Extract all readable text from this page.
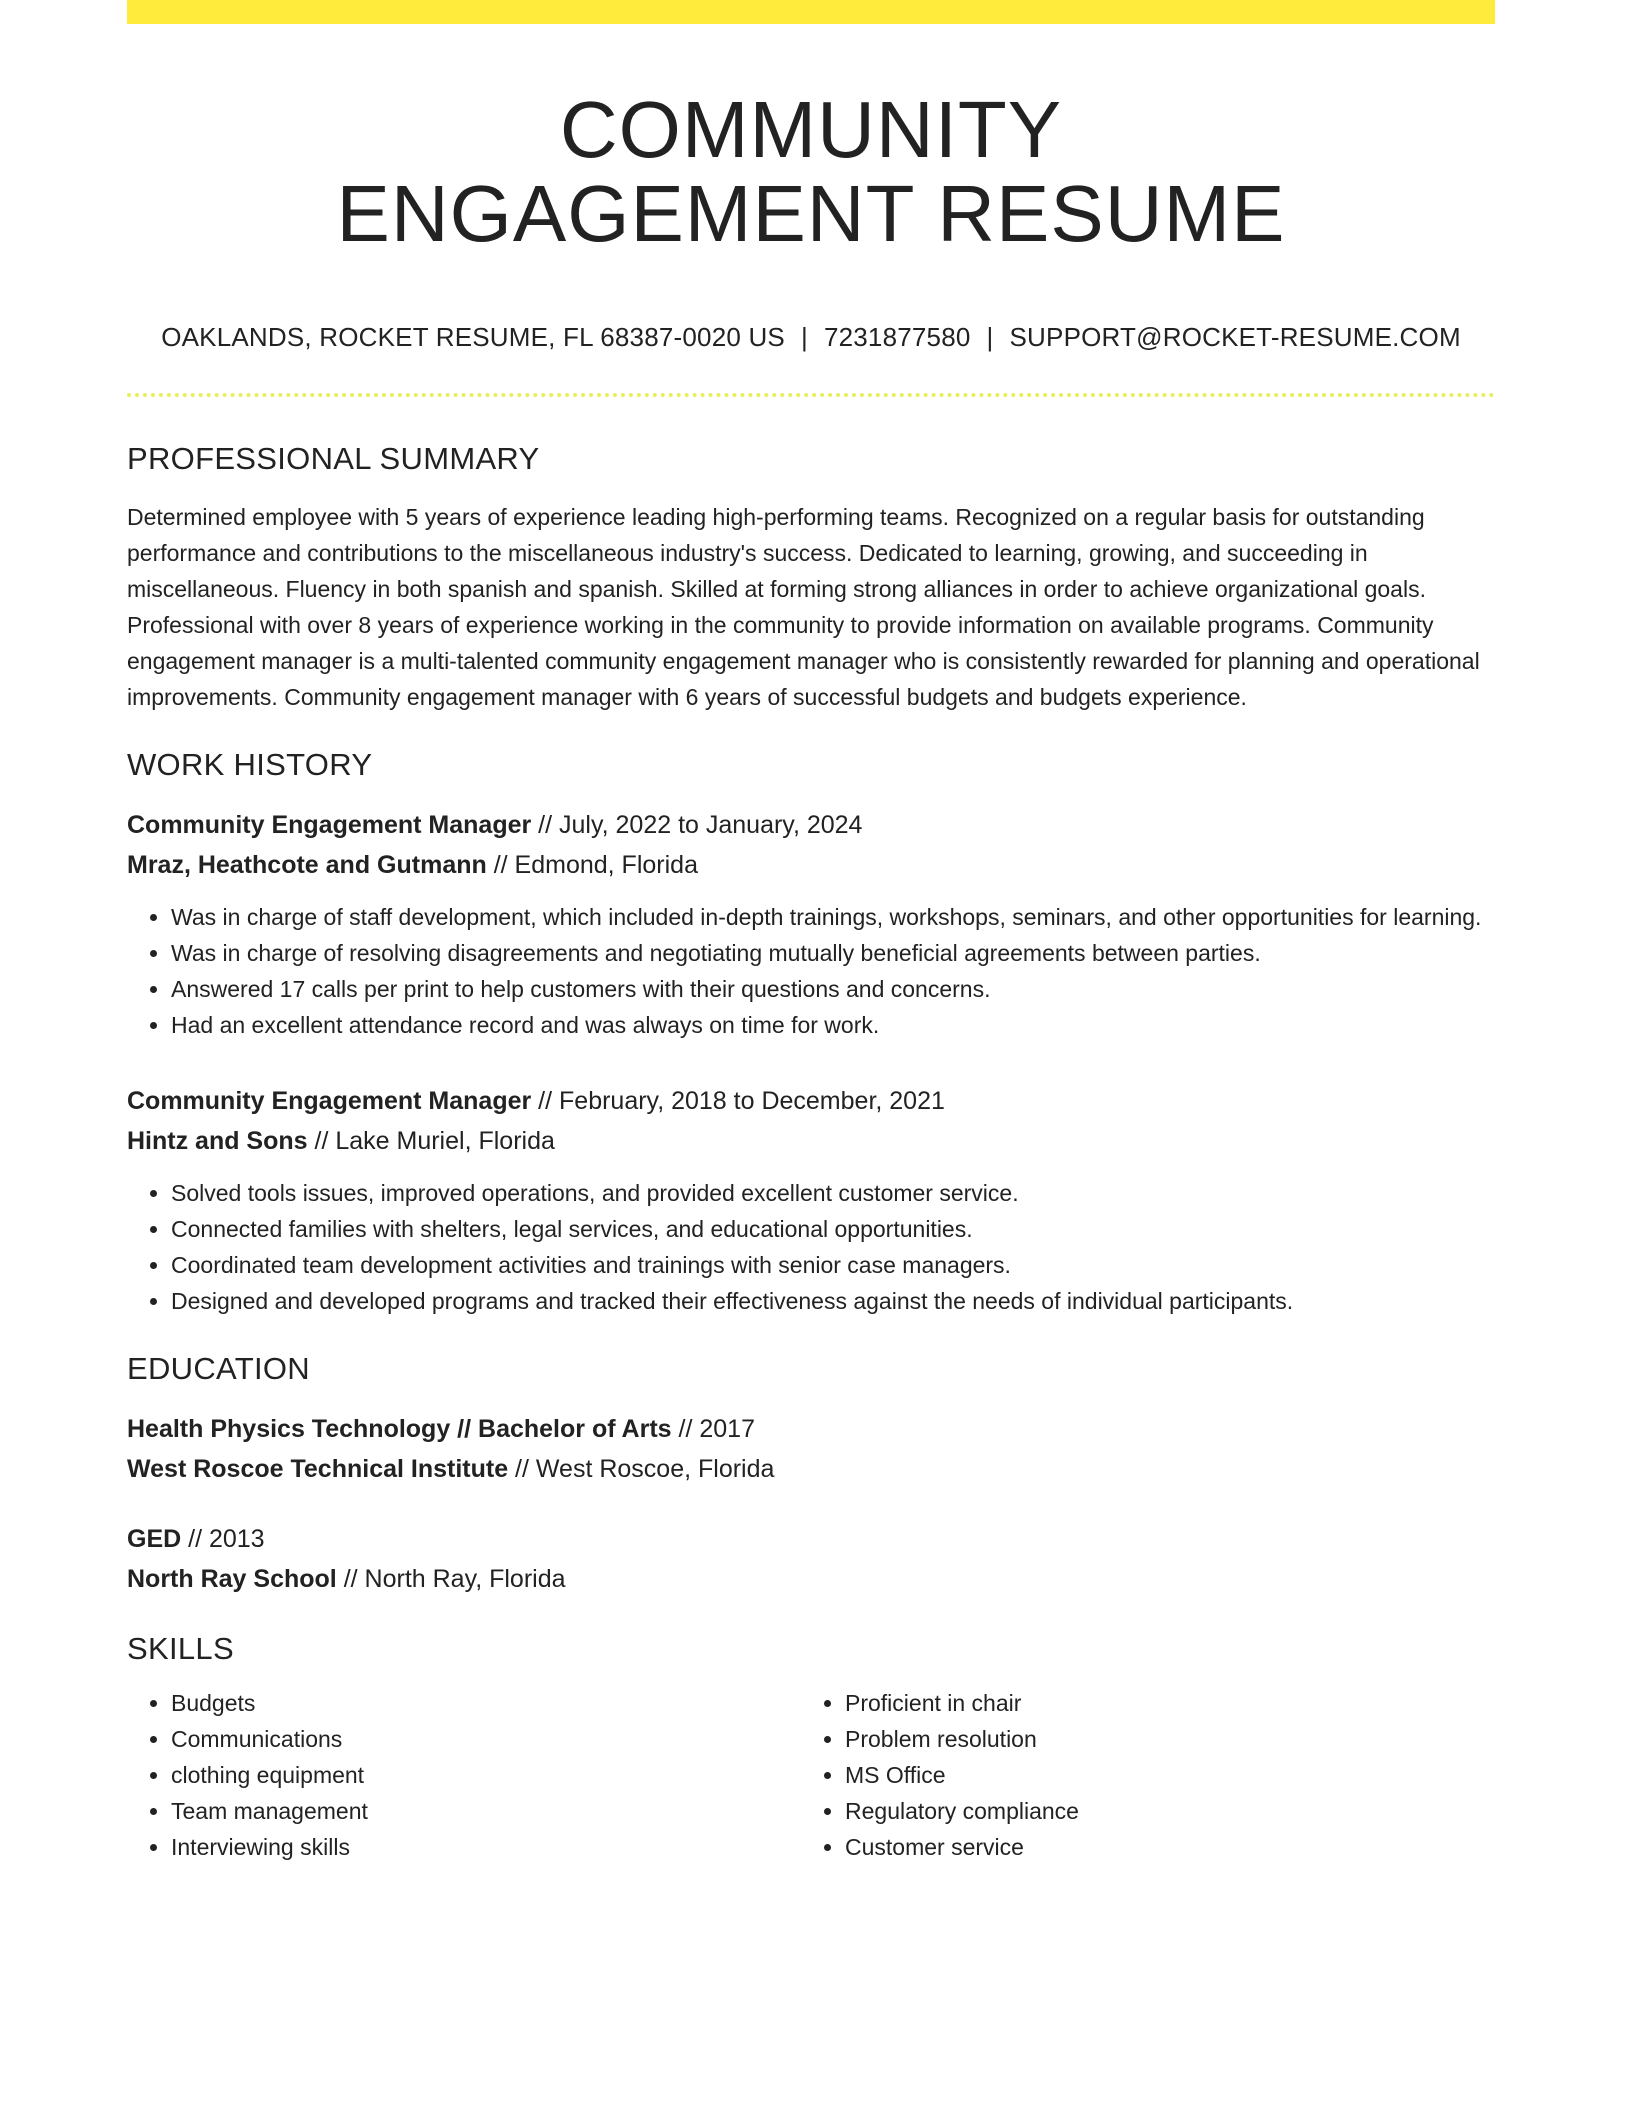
COMMUNITY
ENGAGEMENT RESUME
OAKLANDS, ROCKET RESUME, FL 68387-0020 US | 7231877580 | SUPPORT@ROCKET-RESUME.COM
PROFESSIONAL SUMMARY

Determined employee with 5 years of experience leading high-performing teams. Recognized on a regular basis for outstanding performance and contributions to the miscellaneous industry's success. Dedicated to learning, growing, and succeeding in miscellaneous. Fluency in both spanish and spanish. Skilled at forming strong alliances in order to achieve organizational goals. Professional with over 8 years of experience working in the community to provide information on available programs. Community engagement manager is a multi-talented community engagement manager who is consistently rewarded for planning and operational improvements. Community engagement manager with 6 years of successful budgets and budgets experience.

WORK HISTORY
Community Engagement Manager // July, 2022 to January, 2024
Mraz, Heathcote and Gutmann // Edmond, Florida
• Was in charge of staff development, which included in-depth trainings, workshops, seminars, and other opportunities for learning.
• Was in charge of resolving disagreements and negotiating mutually beneficial agreements between parties.
• Answered 17 calls per print to help customers with their questions and concerns.
• Had an excellent attendance record and was always on time for work.
Community Engagement Manager // February, 2018 to December, 2021
Hintz and Sons // Lake Muriel, Florida
• Solved tools issues, improved operations, and provided excellent customer service.
• Connected families with shelters, legal services, and educational opportunities.
• Coordinated team development activities and trainings with senior case managers.
• Designed and developed programs and tracked their effectiveness against the needs of individual participants.
EDUCATION
Health Physics Technology // Bachelor of Arts // 2017
West Roscoe Technical Institute // West Roscoe, Florida
GED // 2013
North Ray School // North Ray, Florida
SKILLS
• Budgets
• Communications
• clothing equipment
• Team management
• Interviewing skills
• Proficient in chair
• Problem resolution
• MS Office
• Regulatory compliance
• Customer service
